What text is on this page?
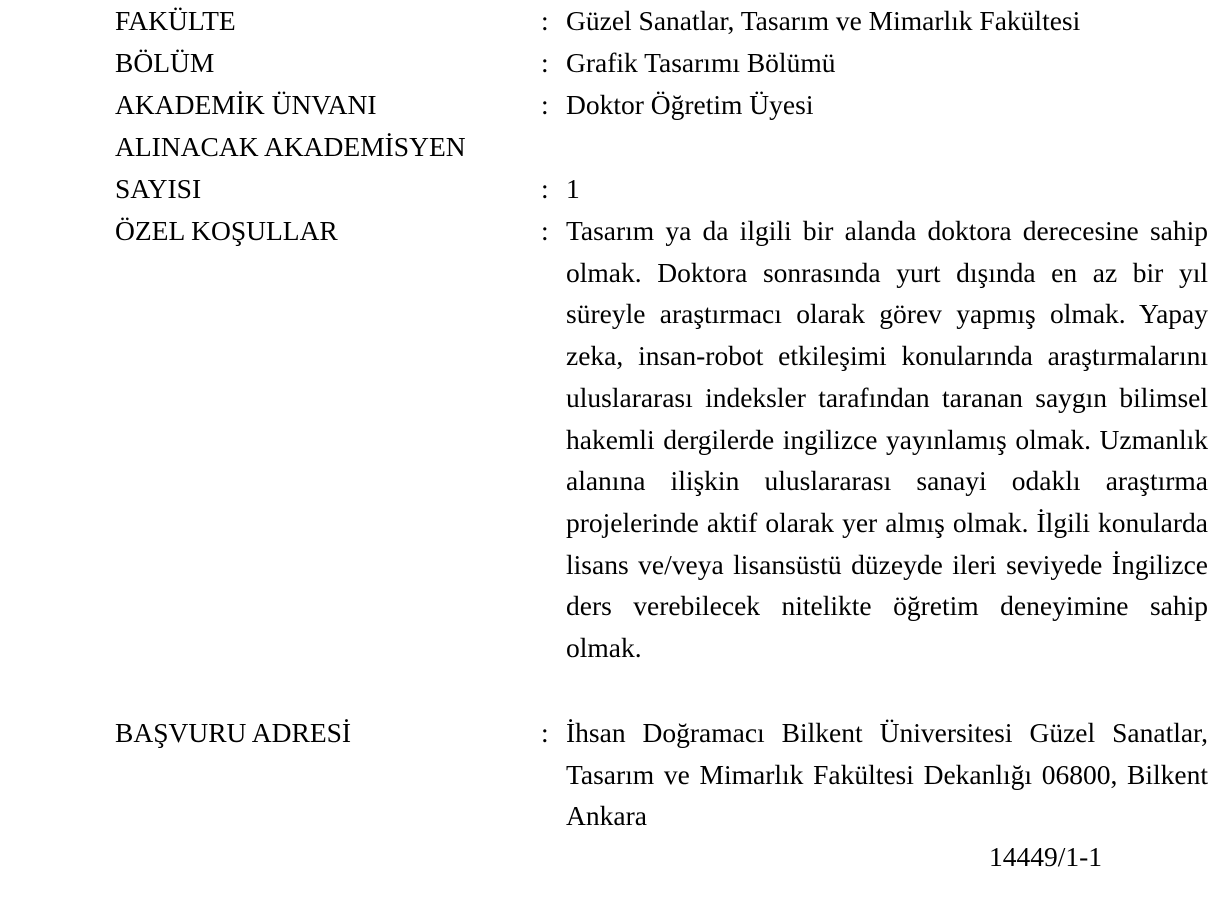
FAKÜLTE	: Güzel Sanatlar, Tasarım ve Mimarlık Fakültesi
BÖLÜM	: Grafik Tasarımı Bölümü
AKADEMİK ÜNVANI	: Doktor Öğretim Üyesi
ALINACAK AKADEMİSYEN
SAYISI	: 1
ÖZEL KOŞULLAR	: Tasarım ya da ilgili bir alanda doktora derecesine sahip olmak. Doktora sonrasında yurt dışında en az bir yıl süreyle araştırmacı olarak görev yapmış olmak. Yapay zeka, insan-robot etkileşimi konularında araştırmalarını uluslararası indeksler tarafından taranan saygın bilimsel hakemli dergilerde ingilizce yayınlamış olmak. Uzmanlık alanına ilişkin uluslararası sanayi odaklı araştırma projelerinde aktif olarak yer almış olmak. İlgili konularda lisans ve/veya lisansüstü düzeyde ileri seviyede İngilizce ders verebilecek nitelikte öğretim deneyimine sahip olmak.
BAŞVURU ADRESİ	: İhsan Doğramacı Bilkent Üniversitesi Güzel Sanatlar, Tasarım ve Mimarlık Fakültesi Dekanlığı 06800, Bilkent Ankara
14449/1-1
